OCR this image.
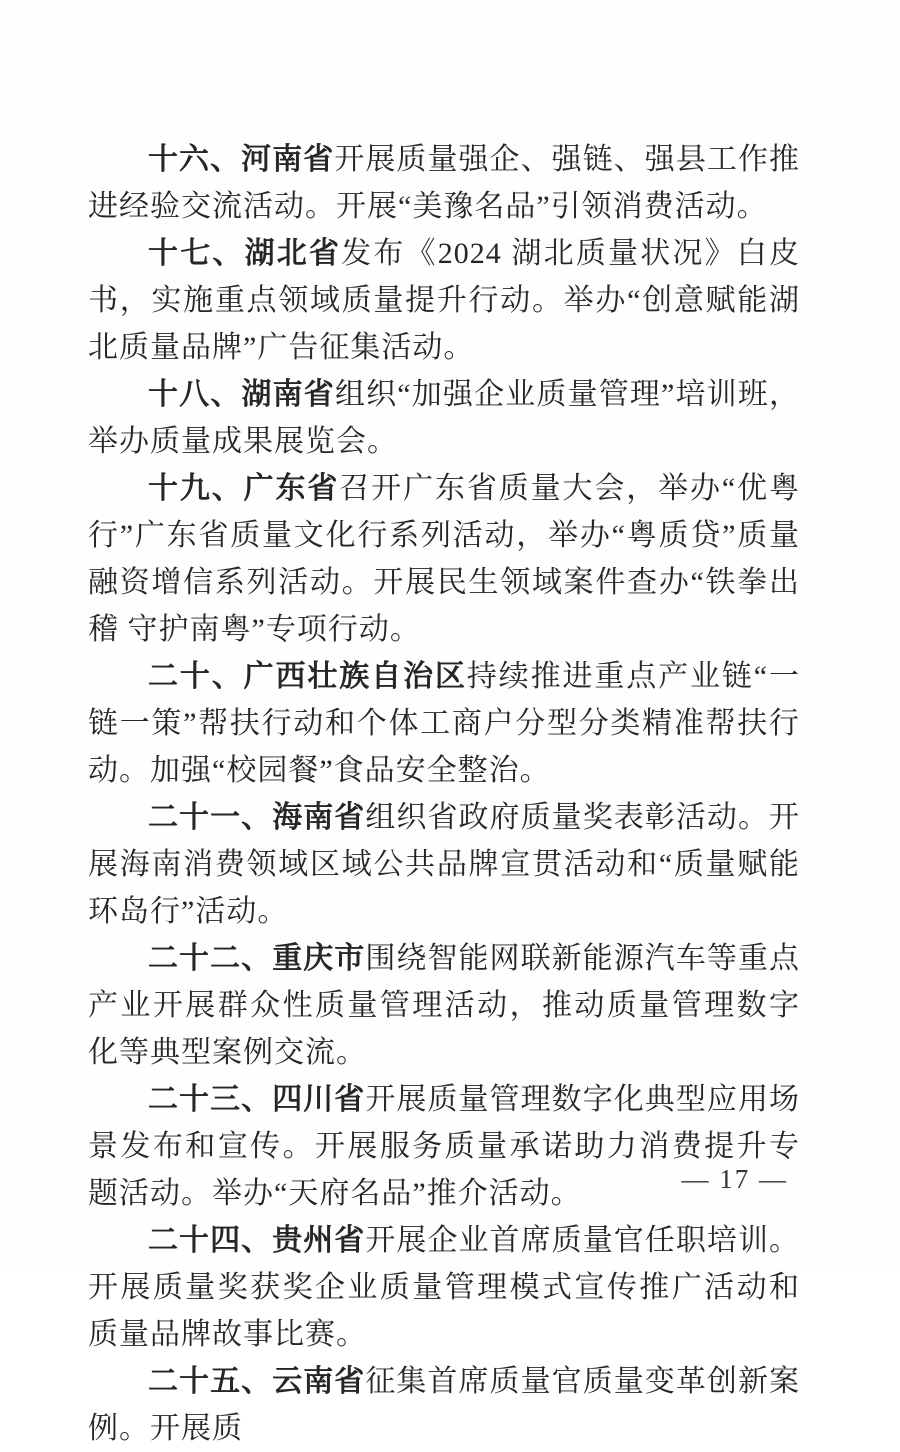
十六、河南省开展质量强企、强链、强县工作推进经验交流活动。开展“美豫名品”引领消费活动。

十七、湖北省发布《2024 湖北质量状况》白皮书，实施重点领域质量提升行动。举办“创意赋能湖北质量品牌”广告征集活动。

十八、湖南省组织“加强企业质量管理”培训班，举办质量成果展览会。

十九、广东省召开广东省质量大会，举办“优粤行”广东省质量文化行系列活动，举办“粤质贷”质量融资增信系列活动。开展民生领域案件查办“铁拳出稽 守护南粤”专项行动。

二十、广西壮族自治区持续推进重点产业链“一链一策”帮扶行动和个体工商户分型分类精准帮扶行动。加强“校园餐”食品安全整治。

二十一、海南省组织省政府质量奖表彰活动。开展海南消费领域区域公共品牌宣贯活动和“质量赋能环岛行”活动。

二十二、重庆市围绕智能网联新能源汽车等重点产业开展群众性质量管理活动，推动质量管理数字化等典型案例交流。

二十三、四川省开展质量管理数字化典型应用场景发布和宣传。开展服务质量承诺助力消费提升专题活动。举办“天府名品”推介活动。

二十四、贵州省开展企业首席质量官任职培训。开展质量奖获奖企业质量管理模式宣传推广活动和质量品牌故事比赛。

二十五、云南省征集首席质量官质量变革创新案例。开展质

— 17 —
